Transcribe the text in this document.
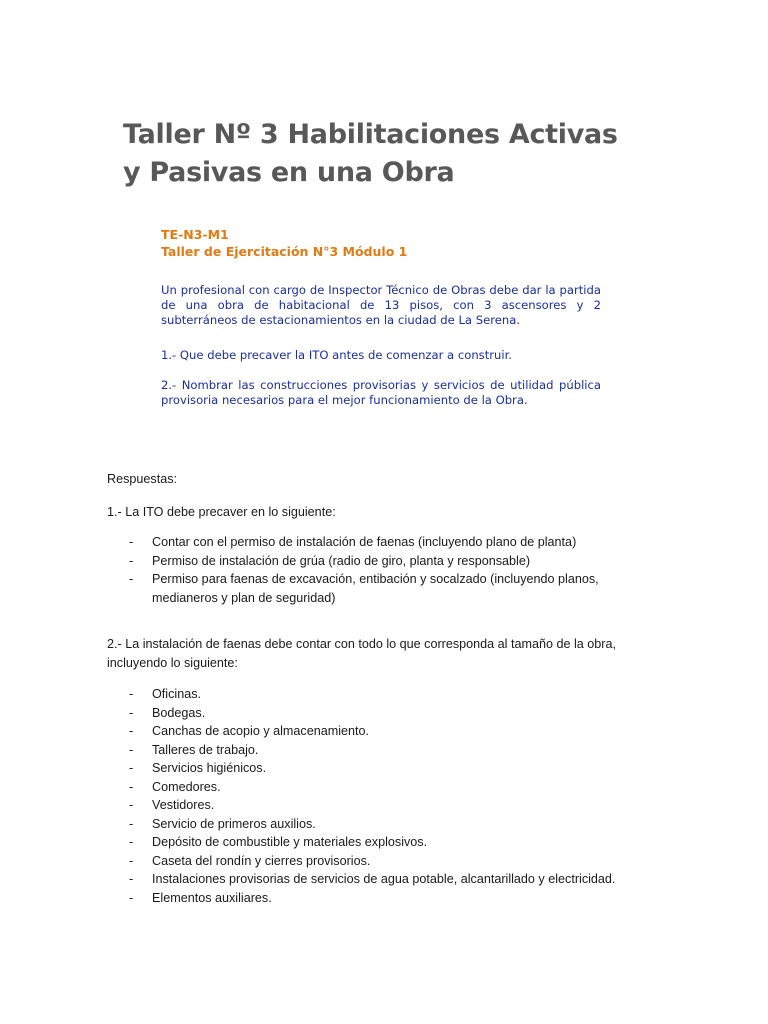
Taller Nº 3 Habilitaciones Activas y Pasivas en una Obra

TE-N3-M1

Taller de Ejercitación N°3 Módulo 1

Un profesional con cargo de Inspector Técnico de Obras debe dar la partida de una obra de habitacional de 13 pisos, con 3 ascensores y 2 subterráneos de estacionamientos en la ciudad de La Serena.

1.- Que debe precaver la ITO antes de comenzar a construir.

2.- Nombrar las construcciones provisorias y servicios de utilidad pública provisoria necesarios para el mejor funcionamiento de la Obra.

Respuestas:

1.- La ITO debe precaver en lo siguiente:

- Contar con el permiso de instalación de faenas (incluyendo plano de planta)
- Permiso de instalación de grúa (radio de giro, planta y responsable)
- Permiso para faenas de excavación, entibación y socalzado (incluyendo planos, medianeros y plan de seguridad)

2.- La instalación de faenas debe contar con todo lo que corresponda al tamaño de la obra, incluyendo lo siguiente:

- Oficinas.
- Bodegas.
- Canchas de acopio y almacenamiento.
- Talleres de trabajo.
- Servicios higiénicos.
- Comedores.
- Vestidores.
- Servicio de primeros auxilios.
- Depósito de combustible y materiales explosivos.
- Caseta del rondín y cierres provisorios.
- Instalaciones provisorias de servicios de agua potable, alcantarillado y electricidad.
- Elementos auxiliares.
